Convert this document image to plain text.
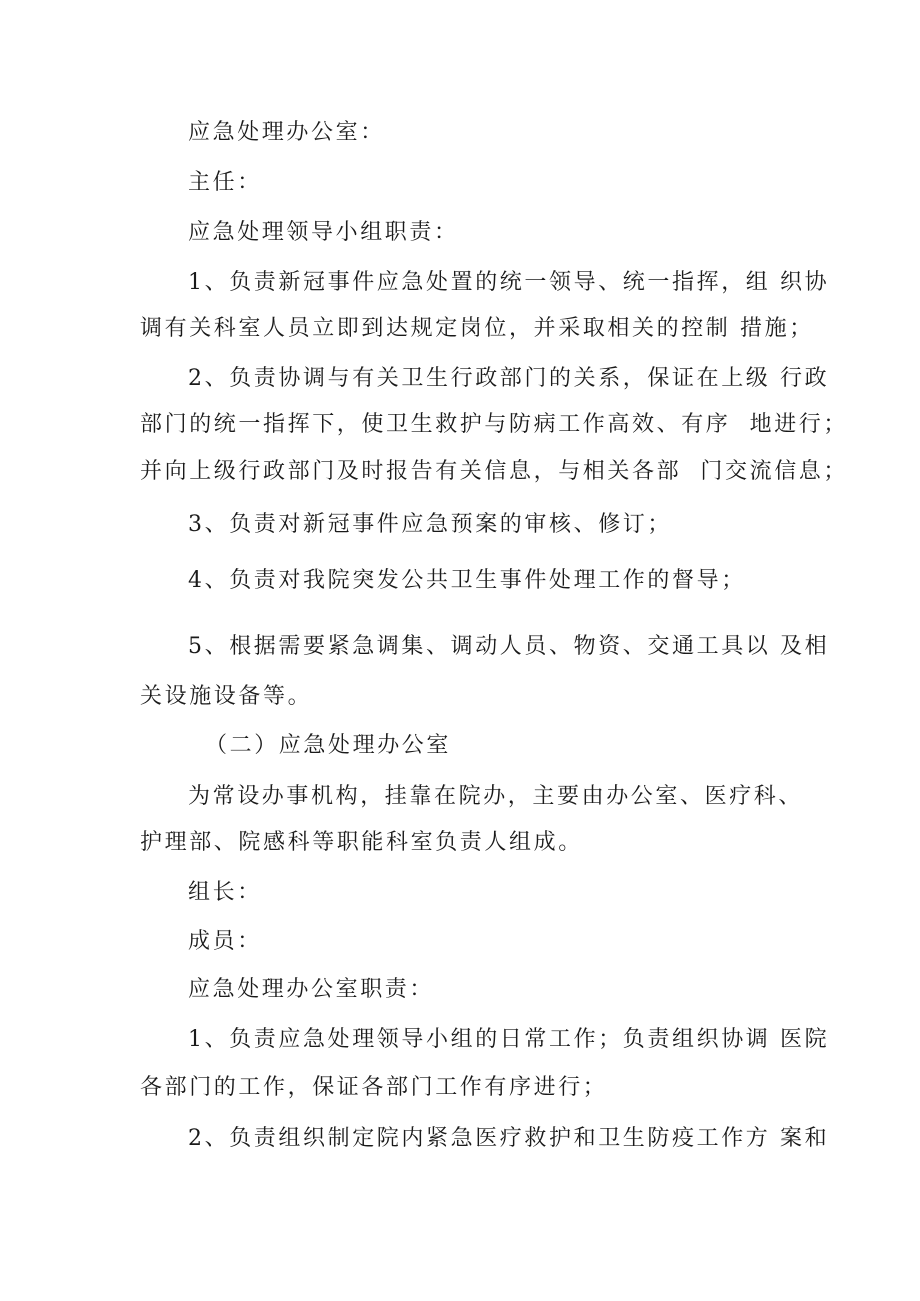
应急处理办公室：

主任：

应急处理领导小组职责：

1、负责新冠事件应急处置的统一领导、统一指挥，组 织协

调有关科室人员立即到达规定岗位，并采取相关的控制 措施；

2、负责协调与有关卫生行政部门的关系，保证在上级 行政

部门的统一指挥下，使卫生救护与防病工作高效、有序  地进行；

并向上级行政部门及时报告有关信息，与相关各部  门交流信息；

3、负责对新冠事件应急预案的审核、修订；

4、负责对我院突发公共卫生事件处理工作的督导；

5、根据需要紧急调集、调动人员、物资、交通工具以 及相

关设施设备等。

（二）应急处理办公室

为常设办事机构，挂靠在院办，主要由办公室、医疗科、

护理部、院感科等职能科室负责人组成。

组长：

成员：

应急处理办公室职责：

1、负责应急处理领导小组的日常工作；负责组织协调 医院

各部门的工作，保证各部门工作有序进行；

2、负责组织制定院内紧急医疗救护和卫生防疫工作方 案和
